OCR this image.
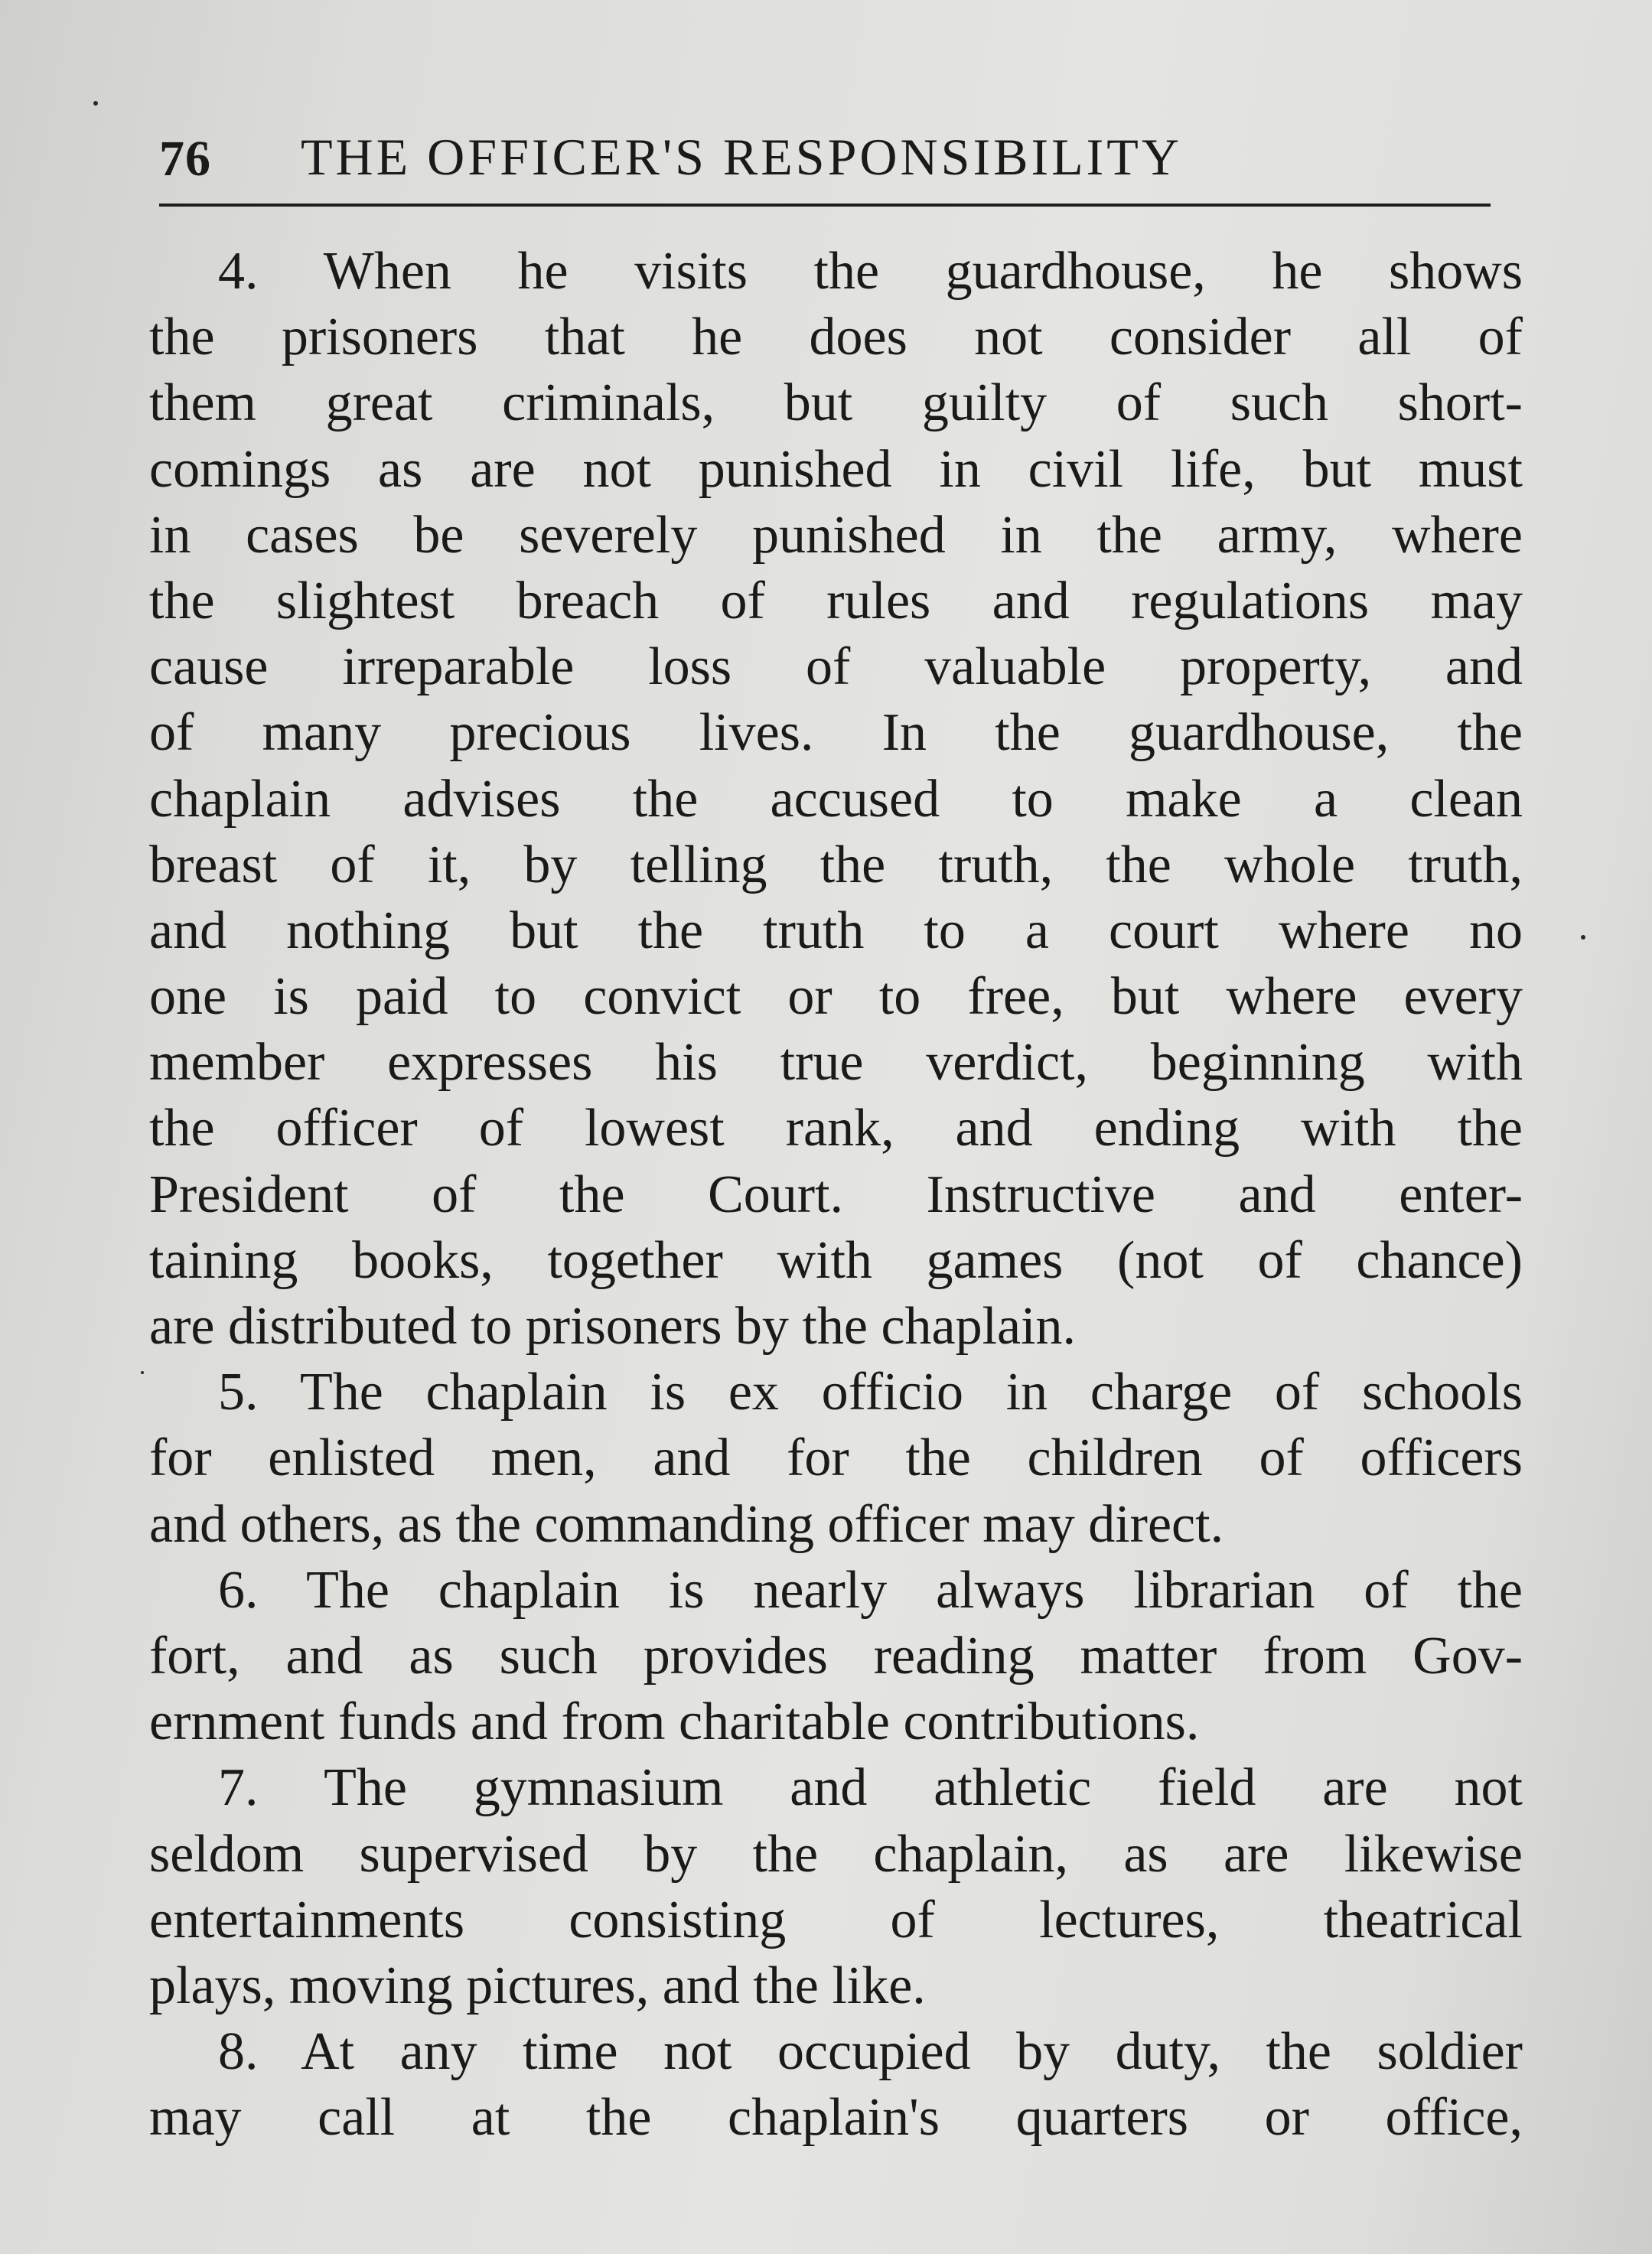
76 THE OFFICER'S RESPONSIBILITY
4. When he visits the guardhouse, he shows
the prisoners that he does not consider all of
them great criminals, but guilty of such short-
comings as are not punished in civil life, but must
in cases be severely punished in the army, where
the slightest breach of rules and regulations may
cause irreparable loss of valuable property, and
of many precious lives. In the guardhouse, the
chaplain advises the accused to make a clean
breast of it, by telling the truth, the whole truth,
and nothing but the truth to a court where no
one is paid to convict or to free, but where every
member expresses his true verdict, beginning with
the officer of lowest rank, and ending with the
President of the Court. Instructive and enter-
taining books, together with games (not of chance)
are distributed to prisoners by the chaplain.
5. The chaplain is ex officio in charge of schools
for enlisted men, and for the children of officers
and others, as the commanding officer may direct.
6. The chaplain is nearly always librarian of the
fort, and as such provides reading matter from Gov-
ernment funds and from charitable contributions.
7. The gymnasium and athletic field are not
seldom supervised by the chaplain, as are likewise
entertainments consisting of lectures, theatrical
plays, moving pictures, and the like.
8. At any time not occupied by duty, the soldier
may call at the chaplain's quarters or office,
